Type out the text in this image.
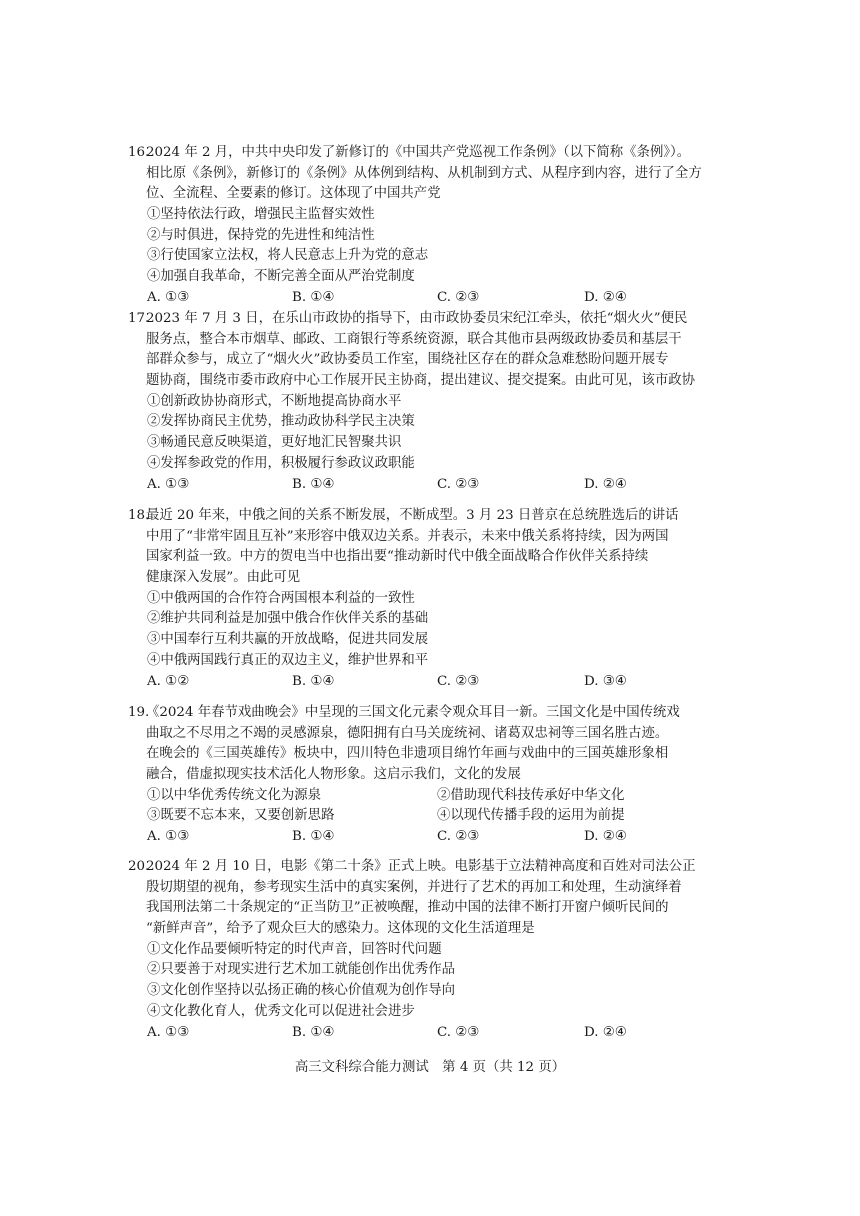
16.2024 年 2 月，中共中央印发了新修订的《中国共产党巡视工作条例》（以下简称《条例》）。
相比原《条例》，新修订的《条例》从体例到结构、从机制到方式、从程序到内容，进行了全方
位、全流程、全要素的修订。这体现了中国共产党
①坚持依法行政，增强民主监督实效性
②与时俱进，保持党的先进性和纯洁性
③行使国家立法权，将人民意志上升为党的意志
④加强自我革命，不断完善全面从严治党制度
A. ①③	B. ①④	C. ②③	D. ②④
17.2023 年 7 月 3 日，在乐山市政协的指导下，由市政协委员宋纪江牵头，依托“烟火火”便民
服务点，整合本市烟草、邮政、工商银行等系统资源，联合其他市县两级政协委员和基层干
部群众参与，成立了“烟火火”政协委员工作室，围绕社区存在的群众急难愁盼问题开展专
题协商，围绕市委市政府中心工作展开民主协商，提出建议、提交提案。由此可见，该市政协
①创新政协协商形式，不断地提高协商水平
②发挥协商民主优势，推动政协科学民主决策
③畅通民意反映渠道，更好地汇民智聚共识
④发挥参政党的作用，积极履行参政议政职能
A. ①③	B. ①④	C. ②③	D. ②④
18.最近 20 年来，中俄之间的关系不断发展，不断成型。3 月 23 日普京在总统胜选后的讲话
中用了“非常牢固且互补”来形容中俄双边关系。并表示，未来中俄关系将持续，因为两国
国家利益一致。中方的贺电当中也指出要“推动新时代中俄全面战略合作伙伴关系持续
健康深入发展”。由此可见
①中俄两国的合作符合两国根本利益的一致性
②维护共同利益是加强中俄合作伙伴关系的基础
③中国奉行互利共赢的开放战略，促进共同发展
④中俄两国践行真正的双边主义，维护世界和平
A. ①②	B. ①④	C. ②③	D. ③④
19.《2024 年春节戏曲晚会》中呈现的三国文化元素令观众耳目一新。三国文化是中国传统戏
曲取之不尽用之不竭的灵感源泉，德阳拥有白马关庞统祠、诸葛双忠祠等三国名胜古迹。
在晚会的《三国英雄传》板块中，四川特色非遗项目绵竹年画与戏曲中的三国英雄形象相
融合，借虚拟现实技术活化人物形象。这启示我们，文化的发展
①以中华优秀传统文化为源泉	②借助现代科技传承好中华文化
③既要不忘本来，又要创新思路	④以现代传播手段的运用为前提
A. ①③	B. ①④	C. ②③	D. ②④
20.2024 年 2 月 10 日，电影《第二十条》正式上映。电影基于立法精神高度和百姓对司法公正
殷切期望的视角，参考现实生活中的真实案例，并进行了艺术的再加工和处理，生动演绎着
我国刑法第二十条规定的“正当防卫”正被唤醒，推动中国的法律不断打开窗户倾听民间的
“新鲜声音”，给予了观众巨大的感染力。这体现的文化生活道理是
①文化作品要倾听特定的时代声音，回答时代问题
②只要善于对现实进行艺术加工就能创作出优秀作品
③文化创作坚持以弘扬正确的核心价值观为创作导向
④文化教化育人，优秀文化可以促进社会进步
A. ①③	B. ①④	C. ②③	D. ②④
高三文科综合能力测试  第 4 页（共 12 页）
